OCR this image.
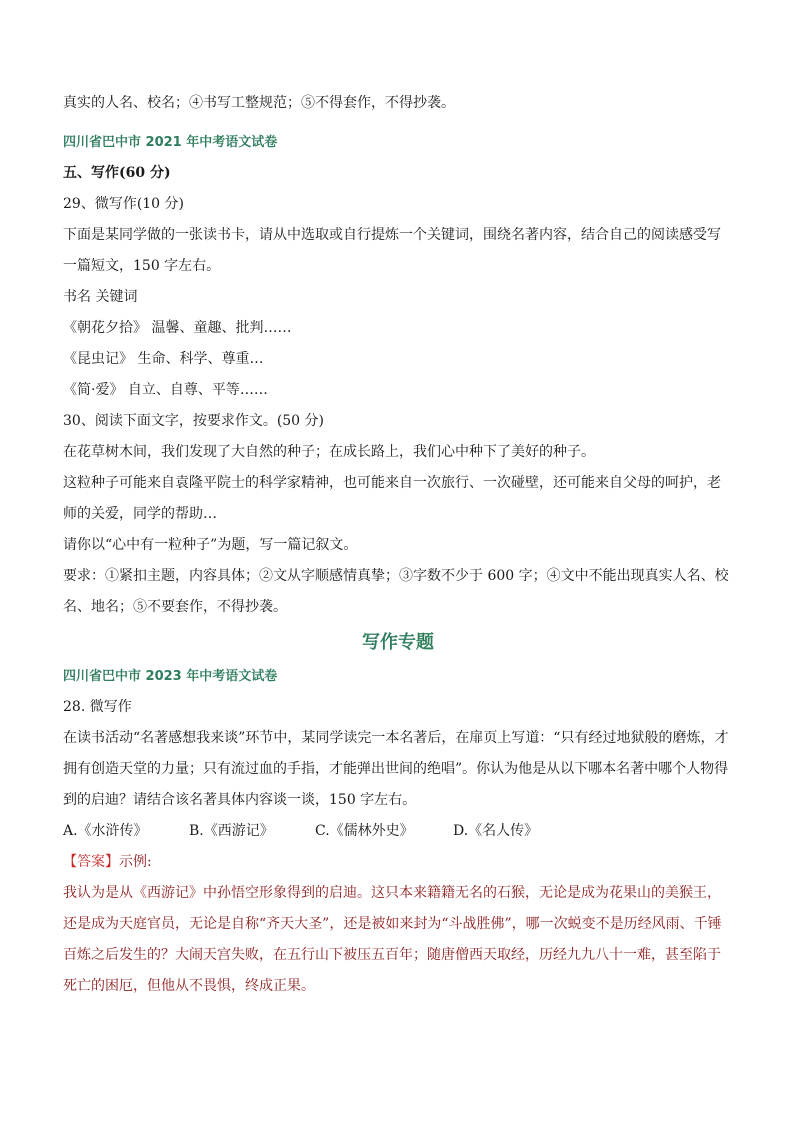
真实的人名、校名；④书写工整规范；⑤不得套作，不得抄袭。
四川省巴中市 2021 年中考语文试卷
五、写作(60 分)
29、微写作(10 分)
下面是某同学做的一张读书卡，请从中选取或自行提炼一个关键词，围绕名著内容，结合自己的阅读感受写一篇短文，150 字左右。
书名 关键词
《朝花夕拾》 温馨、童趣、批判……
《昆虫记》 生命、科学、尊重…
《简·爱》 自立、自尊、平等……
30、阅读下面文字，按要求作文。(50 分)
在花草树木间，我们发现了大自然的种子；在成长路上，我们心中种下了美好的种子。
这粒种子可能来自袁隆平院士的科学家精神，也可能来自一次旅行、一次碰壁，还可能来自父母的呵护，老师的关爱，同学的帮助…
请你以“心中有一粒种子”为题，写一篇记叙文。
要求：①紧扣主题，内容具体；②文从字顺感情真挚；③字数不少于 600 字；④文中不能出现真实人名、校名、地名；⑤不要套作，不得抄袭。
写作专题
四川省巴中市 2023 年中考语文试卷
28. 微写作
在读书活动“名著感想我来谈”环节中，某同学读完一本名著后，在扉页上写道：“只有经过地狱般的磨炼，才拥有创造天堂的力量；只有流过血的手指，才能弹出世间的绝唱”。你认为他是从以下哪本名著中哪个人物得到的启迪？请结合该名著具体内容谈一谈，150 字左右。
A.《水浒传》	B.《西游记》	C.《儒林外史》	D.《名人传》
【答案】示例:
我认为是从《西游记》中孙悟空形象得到的启迪。这只本来籍籍无名的石猴，无论是成为花果山的美猴王，还是成为天庭官员，无论是自称“齐天大圣”，还是被如来封为“斗战胜佛”，哪一次蜕变不是历经风雨、千锤百炼之后发生的？大闹天宫失败，在五行山下被压五百年；随唐僧西天取经，历经九九八十一难，甚至陷于死亡的困厄，但他从不畏惧，终成正果。
